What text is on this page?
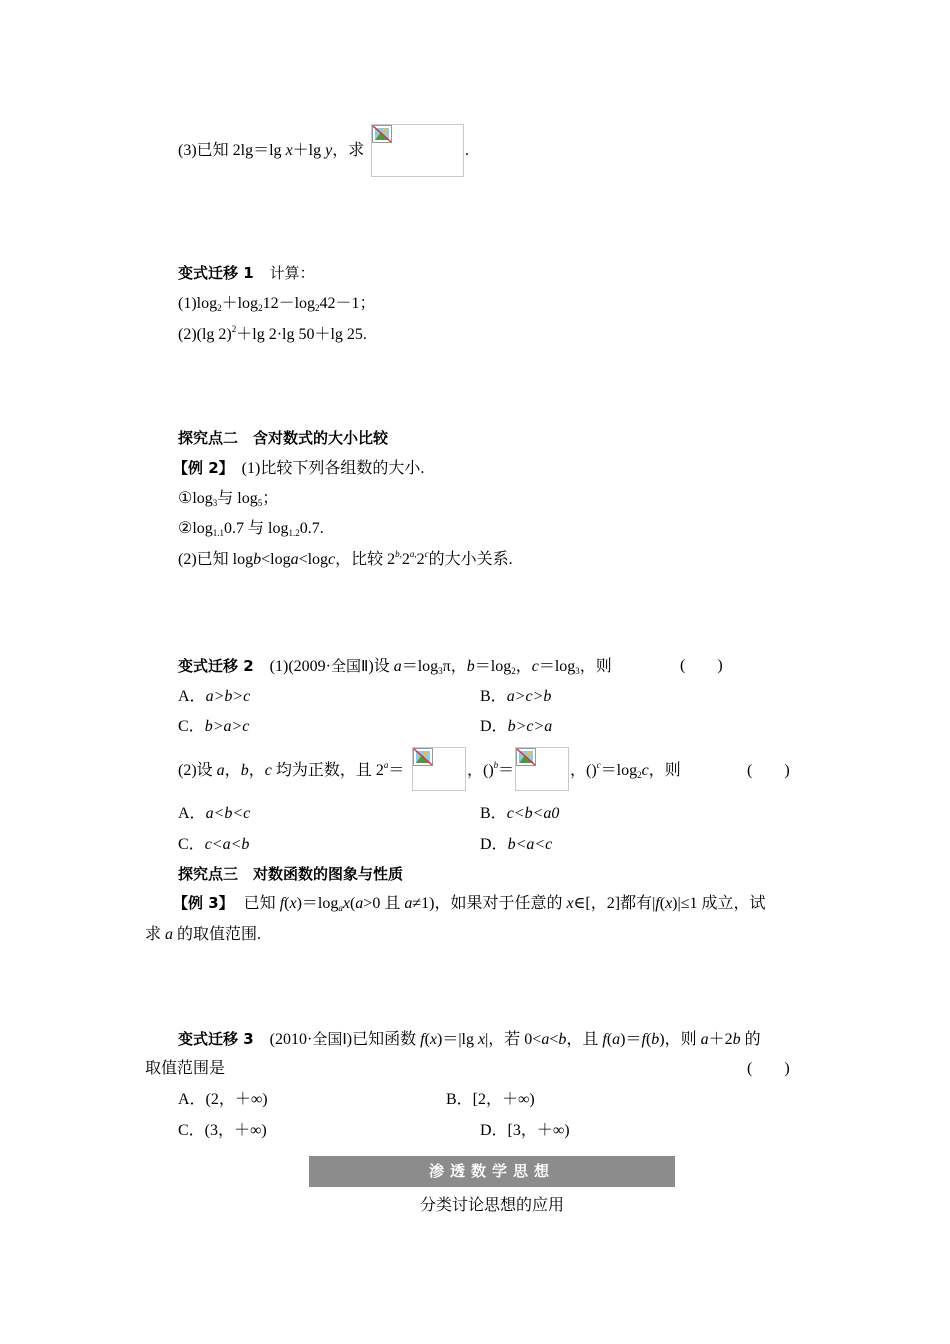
(3)已知 2lg＝lg x＋lg y，求	.
变式迁移 1 计算：
$(1)\log_2+\log_212-\log_242-1$；
(2)(lg 2)$^2$＋lg 2·lg 50＋lg 25.
探究点二　含对数式的大小比较
【例 2】 (1)比较下列各组数的大小.
$①\log_3$与 $\log_5$；
$②\log_{1.1}0.7$ 与 $\log_{1.2}0.7$.
(2)已知 logb<loga<logc，比较 $2^{b,}2^{a,}2^c$的大小关系.
变式迁移 2 (1)(2009·全国Ⅱ)设 $a=\log_3\pi$，$b=\log_2$，$c=\log_3$，则	(　　)
A．a>b>c	B．a>c>b
C．b>a>c	D．b>c>a
(2)设 a，b，c 均为正数，且 $2^a=$	，()$^b$＝	，$()^c=\log_2c$，则	(　　)
A．a<b<c	B．c<b<a0
C．c<a<b	D．b<a<c
探究点三　对数函数的图象与性质
【例 3】 已知 $f(x)=\log_ax(a>0$ 且 a≠1)，如果对于任意的 x∈[，2]都有|f(x)|≤1 成立，试
求 a 的取值范围.
变式迁移 3 (2010·全国Ⅰ)已知函数 f(x)＝|lg x|，若 0<a<b，且 f(a)＝f(b)，则 a＋2b 的
取值范围是	(　　)
A．(2，＋∞)	B．[2，＋∞)
C．(3，＋∞)	D．[3，＋∞)
渗透数学思想
分类讨论思想的应用
